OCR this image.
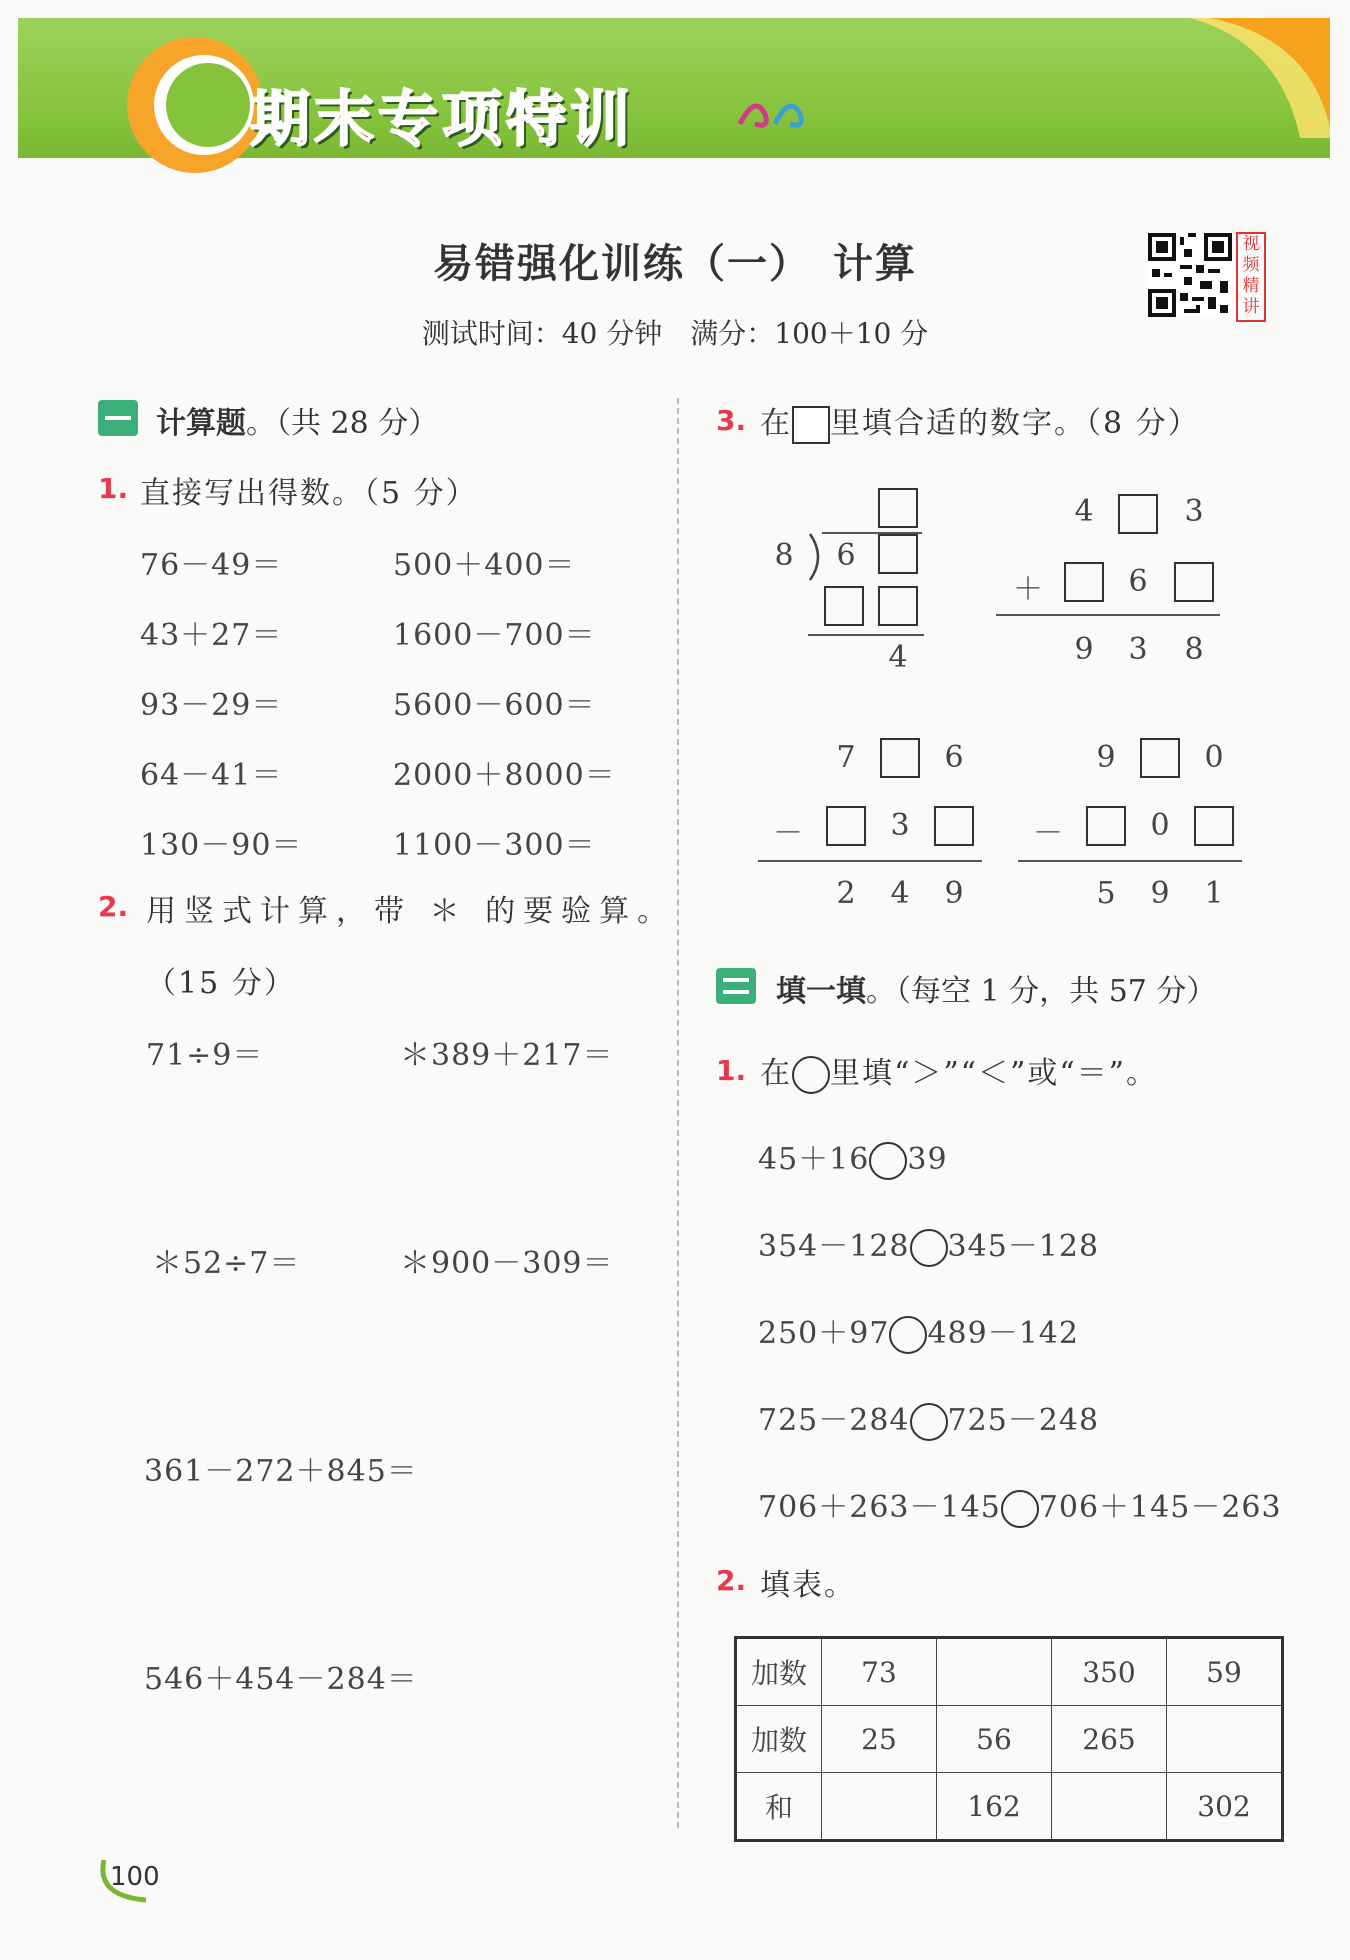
期末专项特训
易错强化训练（一）　计算
测试时间：40 分钟　满分：100＋10 分
视
频
精
讲
计算题。（共 28 分）
1. 直接写出得数。（5 分）
76－49＝	500＋400＝
43＋27＝	1600－700＝
93－29＝	5600－600＝
64－41＝	2000＋8000＝
130－90＝	1100－300＝
2. 用竖式计算，带 ＊ 的要验算。
（15 分）
71÷9＝	＊389＋217＝
＊52÷7＝	＊900－309＝
361－272＋845＝
546＋454－284＝
3. 在 里填合适的数字。（8 分）
8	6
4
4	3
＋	6
9	3	8
7	6
－	3
2	4	9
9	0
－	0
5	9	1
填一填。（每空 1 分，共 57 分）
1. 在 里填“＞”“＜”或“＝”。
45＋16 39
354－128 345－128
250＋97 489－142
725－284 725－248
706＋263－145 706＋145－263
2. 填表。
加数	73		350	59
加数	25	56	265	
和		162		302
100
